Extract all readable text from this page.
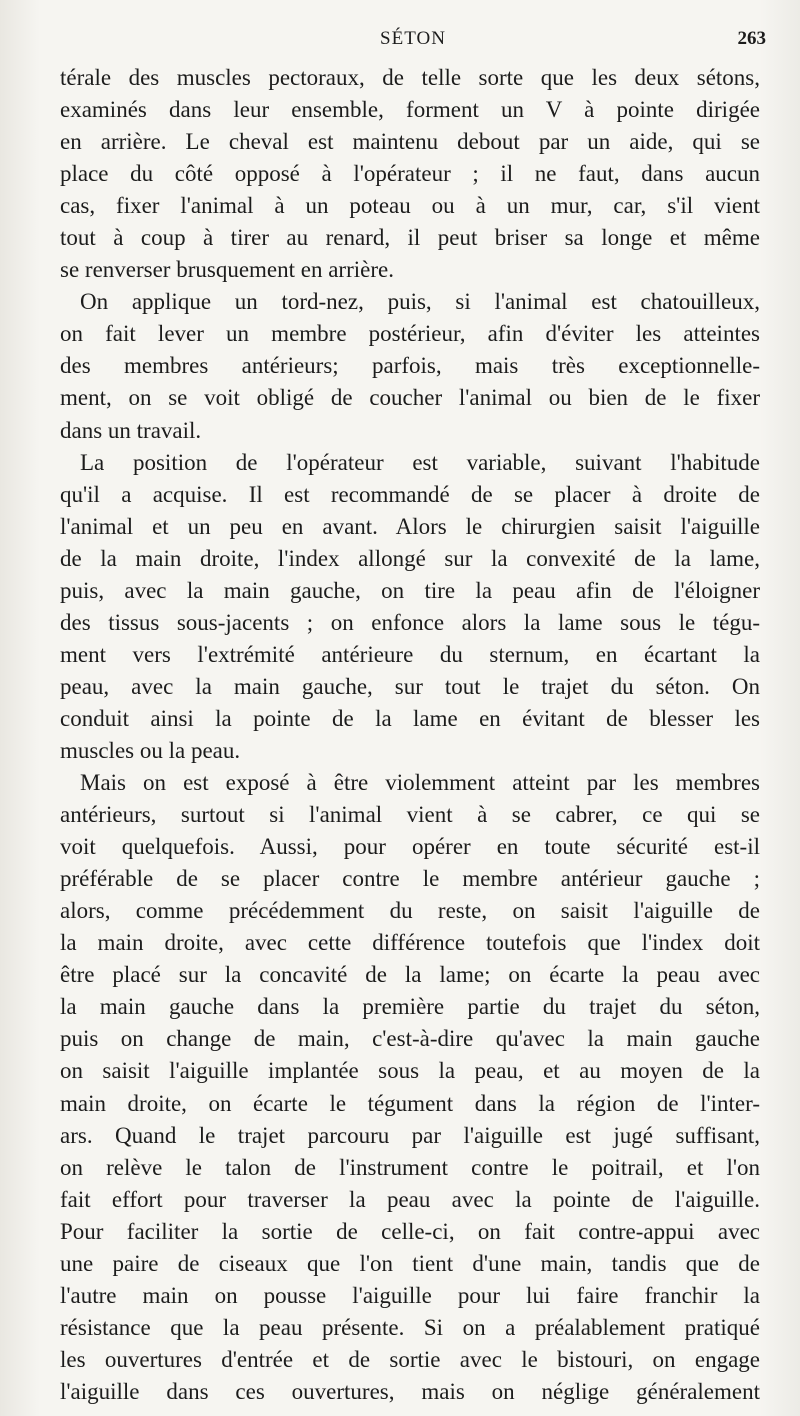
SÉTON	263
térale des muscles pectoraux, de telle sorte que les deux sétons,
examinés dans leur ensemble, forment un V à pointe dirigée
en arrière. Le cheval est maintenu debout par un aide, qui se
place du côté opposé à l'opérateur ; il ne faut, dans aucun
cas, fixer l'animal à un poteau ou à un mur, car, s'il vient
tout à coup à tirer au renard, il peut briser sa longe et même
se renverser brusquement en arrière.
On applique un tord-nez, puis, si l'animal est chatouilleux,
on fait lever un membre postérieur, afin d'éviter les atteintes
des membres antérieurs; parfois, mais très exceptionnelle-
ment, on se voit obligé de coucher l'animal ou bien de le fixer
dans un travail.
La position de l'opérateur est variable, suivant l'habitude
qu'il a acquise. Il est recommandé de se placer à droite de
l'animal et un peu en avant. Alors le chirurgien saisit l'aiguille
de la main droite, l'index allongé sur la convexité de la lame,
puis, avec la main gauche, on tire la peau afin de l'éloigner
des tissus sous-jacents ; on enfonce alors la lame sous le tégu-
ment vers l'extrémité antérieure du sternum, en écartant la
peau, avec la main gauche, sur tout le trajet du séton. On
conduit ainsi la pointe de la lame en évitant de blesser les
muscles ou la peau.
Mais on est exposé à être violemment atteint par les membres
antérieurs, surtout si l'animal vient à se cabrer, ce qui se
voit quelquefois. Aussi, pour opérer en toute sécurité est-il
préférable de se placer contre le membre antérieur gauche ;
alors, comme précédemment du reste, on saisit l'aiguille de
la main droite, avec cette différence toutefois que l'index doit
être placé sur la concavité de la lame; on écarte la peau avec
la main gauche dans la première partie du trajet du séton,
puis on change de main, c'est-à-dire qu'avec la main gauche
on saisit l'aiguille implantée sous la peau, et au moyen de la
main droite, on écarte le tégument dans la région de l'inter-
ars. Quand le trajet parcouru par l'aiguille est jugé suffisant,
on relève le talon de l'instrument contre le poitrail, et l'on
fait effort pour traverser la peau avec la pointe de l'aiguille.
Pour faciliter la sortie de celle-ci, on fait contre-appui avec
une paire de ciseaux que l'on tient d'une main, tandis que de
l'autre main on pousse l'aiguille pour lui faire franchir la
résistance que la peau présente. Si on a préalablement pratiqué
les ouvertures d'entrée et de sortie avec le bistouri, on engage
l'aiguille dans ces ouvertures, mais on néglige généralement
